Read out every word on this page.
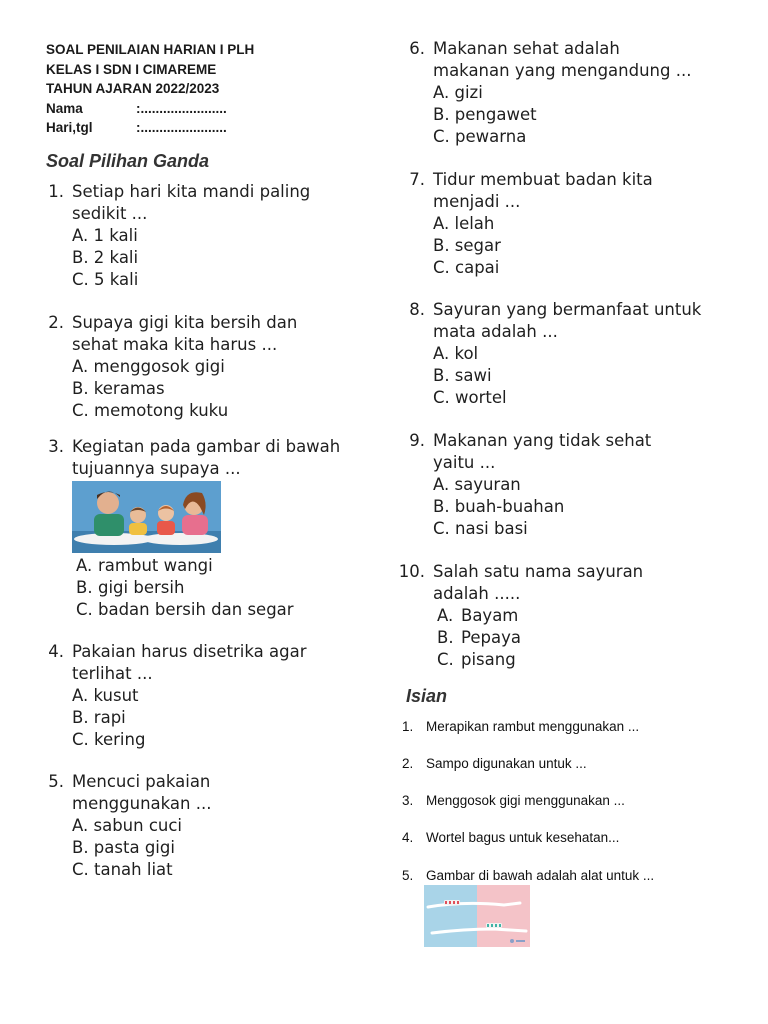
SOAL PENILAIAN HARIAN I PLH
KELAS I SDN I CIMAREME
TAHUN AJARAN 2022/2023
Nama	:.......................
Hari,tgl	:.......................
Soal Pilihan Ganda
1. Setiap hari kita mandi paling
sedikit ...
A. 1 kali
B. 2 kali
C. 5 kali
2. Supaya gigi kita bersih dan
sehat maka kita harus ...
A. menggosok gigi
B. keramas
C. memotong kuku
3. Kegiatan pada gambar di bawah
tujuannya supaya ...
A. rambut wangi
B. gigi bersih
C. badan bersih dan segar
4. Pakaian harus disetrika agar
terlihat ...
A. kusut
B. rapi
C. kering
5. Mencuci pakaian
menggunakan ...
A. sabun cuci
B. pasta gigi
C. tanah liat
6. Makanan sehat adalah
makanan yang mengandung ...
A. gizi
B. pengawet
C. pewarna
7. Tidur membuat badan kita
menjadi ...
A. lelah
B. segar
C. capai
8. Sayuran yang bermanfaat untuk
mata adalah ...
A. kol
B. sawi
C. wortel
9. Makanan yang tidak sehat
yaitu ...
A. sayuran
B. buah-buahan
C. nasi basi
10. Salah satu nama sayuran
adalah .....
A. Bayam
B. Pepaya
C. pisang
Isian
1. Merapikan rambut menggunakan ...
2. Sampo digunakan untuk ...
3. Menggosok gigi menggunakan ...
4. Wortel bagus untuk kesehatan...
5. Gambar di bawah adalah alat untuk ...
